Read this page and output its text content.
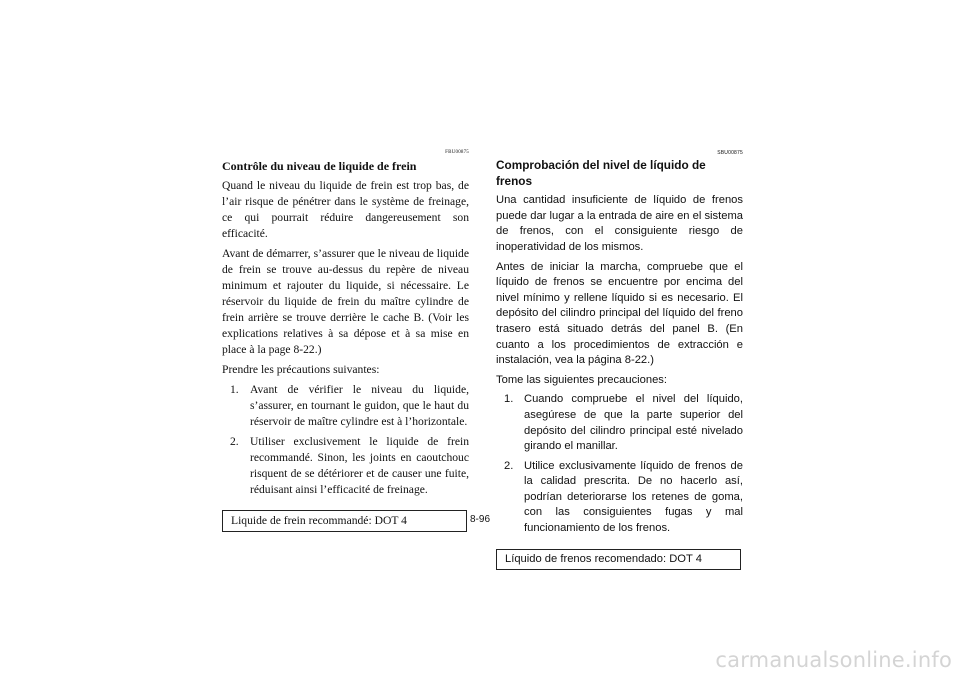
FBU00875
Contrôle du niveau de liquide de frein

Quand le niveau du liquide de frein est trop bas, de l’air risque de pénétrer dans le système de freinage, ce qui pourrait réduire dangereusement son efficacité.

Avant de démarrer, s’assurer que le niveau de liquide de frein se trouve au-dessus du repère de niveau minimum et rajouter du liquide, si nécessaire. Le réservoir du liquide de frein du maître cylindre de frein arrière se trouve derrière le cache B. (Voir les explications relatives à sa dépose et à sa mise en place à la page 8-22.)

Prendre les précautions suivantes:

1. Avant de vérifier le niveau du liquide, s’assurer, en tournant le guidon, que le haut du réservoir de maître cylindre est à l’horizontale.
2. Utiliser exclusivement le liquide de frein recommandé. Sinon, les joints en caoutchouc risquent de se détériorer et de causer une fuite, réduisant ainsi l’efficacité de freinage.
Liquide de frein recommandé: DOT 4
SBU00875
Comprobación del nivel de líquido de frenos

Una cantidad insuficiente de líquido de frenos puede dar lugar a la entrada de aire en el sistema de frenos, con el consiguiente riesgo de inoperatividad de los mismos.

Antes de iniciar la marcha, compruebe que el líquido de frenos se encuentre por encima del nivel mínimo y rellene líquido si es necesario. El depósito del cilindro principal del líquido del freno trasero está situado detrás del panel B. (En cuanto a los procedimientos de extracción e instalación, vea la página 8-22.)

Tome las siguientes precauciones:

1. Cuando compruebe el nivel del líquido, asegúrese de que la parte superior del depósito del cilindro principal esté nivelado girando el manillar.
2. Utilice exclusivamente líquido de frenos de la calidad prescrita. De no hacerlo así, podrían deteriorarse los retenes de goma, con las consiguientes fugas y mal funcionamiento de los frenos.
Líquido de frenos recomendado: DOT 4
8-96
carmanualsonline.info
